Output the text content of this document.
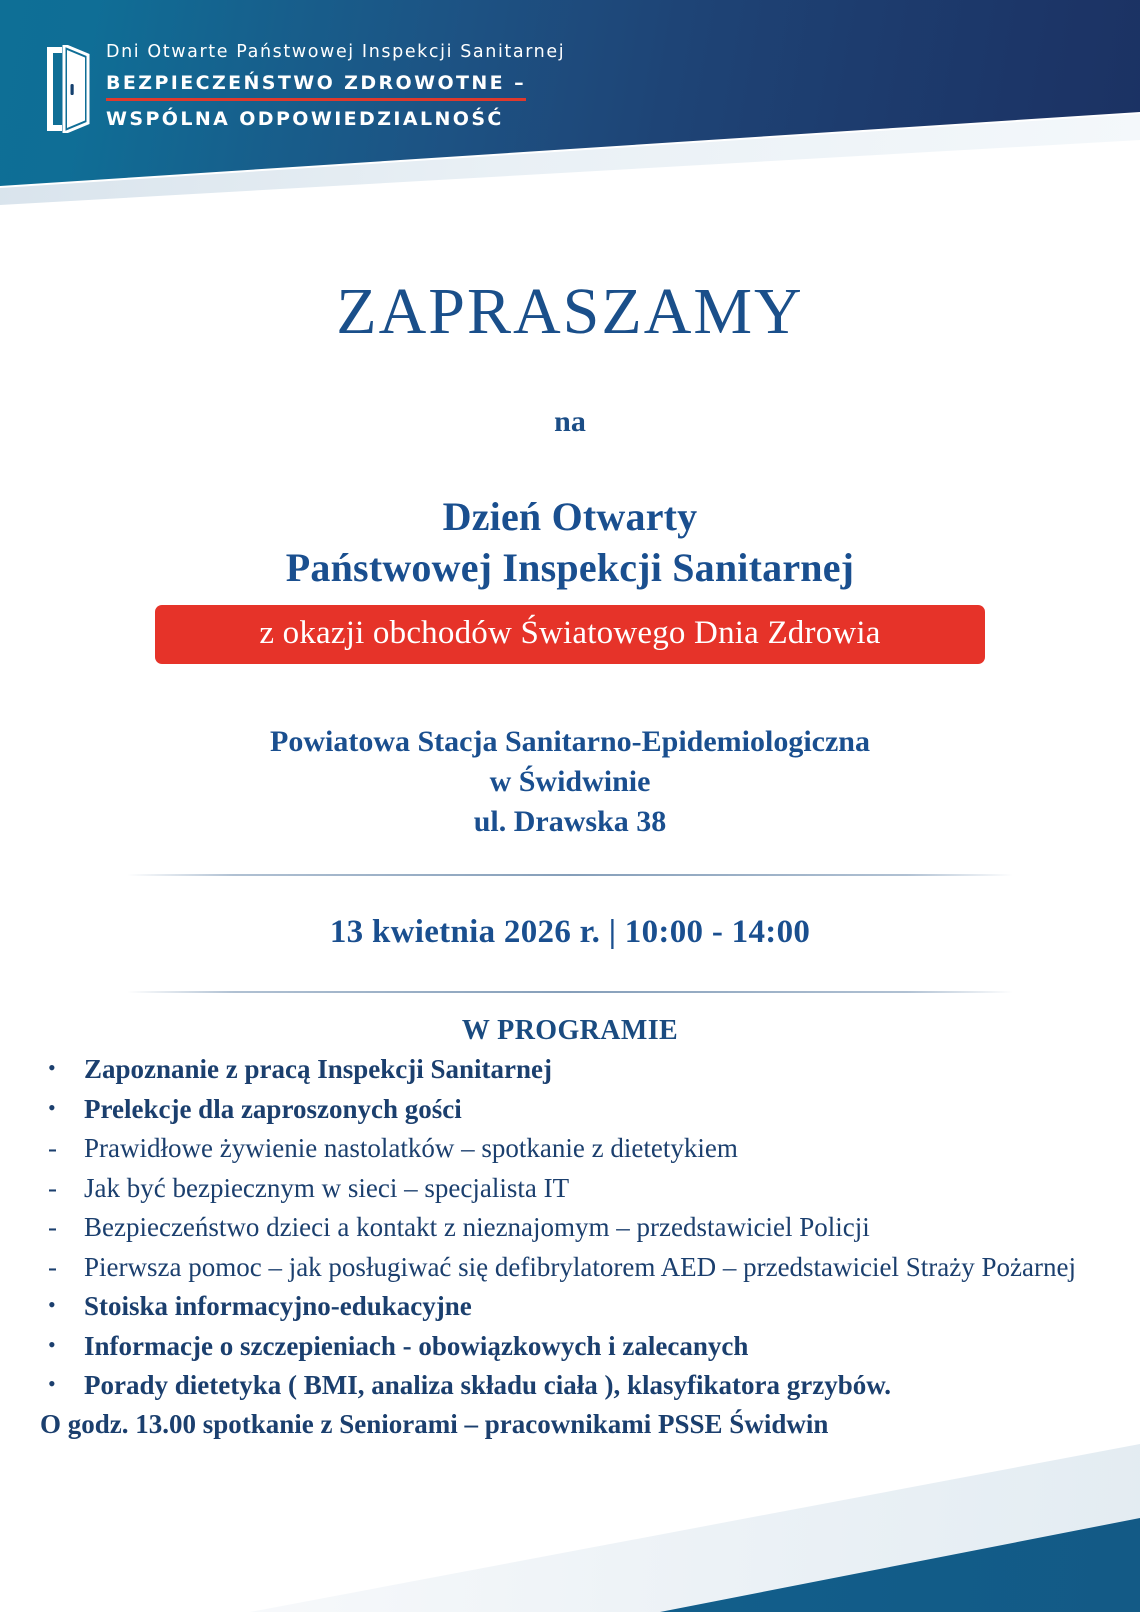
Dni Otwarte Państwowej Inspekcji Sanitarnej
BEZPIECZEŃSTWO ZDROWOTNE –
WSPÓLNA ODPOWIEDZIALNOŚĆ
ZAPRASZAMY
na
Dzień Otwarty
Państwowej Inspekcji Sanitarnej
z okazji obchodów Światowego Dnia Zdrowia
Powiatowa Stacja Sanitarno-Epidemiologiczna
w Świdwinie
ul. Drawska 38
13 kwietnia 2026 r. | 10:00 - 14:00
W PROGRAMIE
•	Zapoznanie z pracą Inspekcji Sanitarnej
•	Prelekcje dla zaproszonych gości
-	Prawidłowe żywienie nastolatków – spotkanie z dietetykiem
-	Jak być bezpiecznym w sieci – specjalista IT
-	Bezpieczeństwo dzieci a kontakt z nieznajomym – przedstawiciel Policji
-	Pierwsza pomoc – jak posługiwać się defibrylatorem AED – przedstawiciel Straży Pożarnej
•	Stoiska informacyjno-edukacyjne
•	Informacje o szczepieniach - obowiązkowych i zalecanych
•	Porady dietetyka ( BMI, analiza składu ciała ), klasyfikatora grzybów.
O godz. 13.00 spotkanie z Seniorami – pracownikami PSSE Świdwin
